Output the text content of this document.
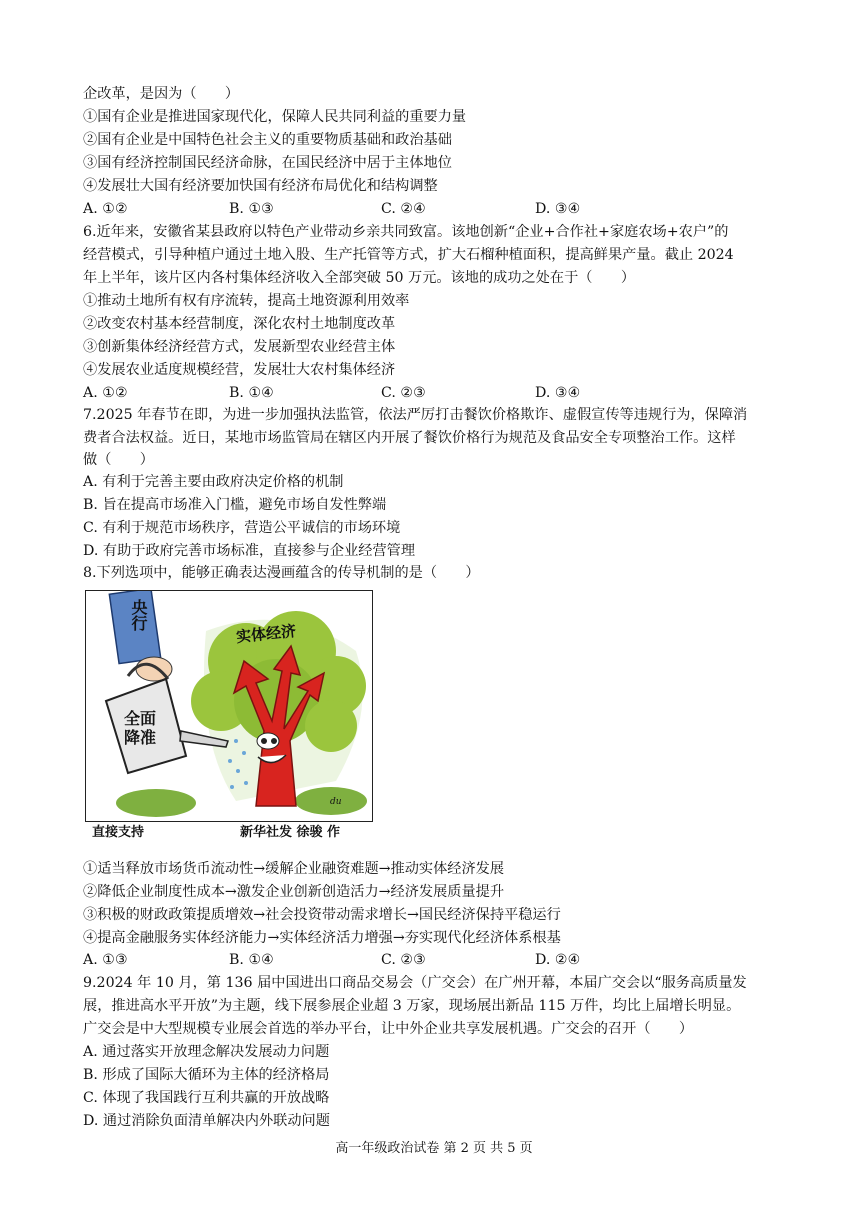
企改革，是因为（　　）
①国有企业是推进国家现代化，保障人民共同利益的重要力量
②国有企业是中国特色社会主义的重要物质基础和政治基础
③国有经济控制国民经济命脉，在国民经济中居于主体地位
④发展壮大国有经济要加快国有经济布局优化和结构调整
A. ①②	B. ①③	C. ②④	D. ③④
6.近年来，安徽省某县政府以特色产业带动乡亲共同致富。该地创新“企业+合作社+家庭农场+农户”的
经营模式，引导种植户通过土地入股、生产托管等方式，扩大石榴种植面积，提高鲜果产量。截止 2024
年上半年，该片区内各村集体经济收入全部突破 50 万元。该地的成功之处在于（　　）
①推动土地所有权有序流转，提高土地资源利用效率
②改变农村基本经营制度，深化农村土地制度改革
③创新集体经济经营方式，发展新型农业经营主体
④发展农业适度规模经营，发展壮大农村集体经济
A. ①②	B. ①④	C. ②③	D. ③④
7.2025 年春节在即，为进一步加强执法监管，依法严厉打击餐饮价格欺诈、虚假宣传等违规行为，保障消
费者合法权益。近日，某地市场监管局在辖区内开展了餐饮价格行为规范及食品安全专项整治工作。这样
做（　　）
A. 有利于完善主要由政府决定价格的机制
B. 旨在提高市场准入门槛，避免市场自发性弊端
C. 有利于规范市场秩序，营造公平诚信的市场环境
D. 有助于政府完善市场标准，直接参与企业经营管理
8.下列选项中，能够正确表达漫画蕴含的传导机制的是（　　）
央行
全面降准
实体经济
du
直接支持	新华社发 徐骏 作
①适当释放市场货币流动性→缓解企业融资难题→推动实体经济发展
②降低企业制度性成本→激发企业创新创造活力→经济发展质量提升
③积极的财政政策提质增效→社会投资带动需求增长→国民经济保持平稳运行
④提高金融服务实体经济能力→实体经济活力增强→夯实现代化经济体系根基
A. ①③	B. ①④	C. ②③	D. ②④
9.2024 年 10 月，第 136 届中国进出口商品交易会（广交会）在广州开幕，本届广交会以“服务高质量发
展，推进高水平开放”为主题，线下展参展企业超 3 万家，现场展出新品 115 万件，均比上届增长明显。
广交会是中大型规模专业展会首选的举办平台，让中外企业共享发展机遇。广交会的召开（　　）
A. 通过落实开放理念解决发展动力问题
B. 形成了国际大循环为主体的经济格局
C. 体现了我国践行互利共赢的开放战略
D. 通过消除负面清单解决内外联动问题
高一年级政治试卷 第 2 页 共 5 页
